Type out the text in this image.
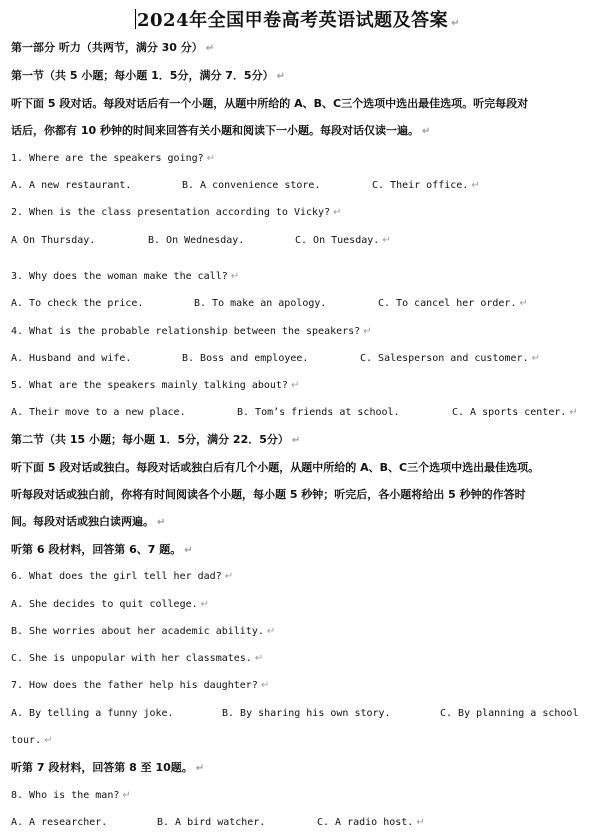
2024年全国甲卷高考英语试题及答案 ↵
第一部分 听力（共两节，满分 30 分） ↵
第一节（共 5 小题；每小题 1．5分，满分 7．5分） ↵
听下面 5 段对话。每段对话后有一个小题，从题中所给的 A、B、C三个选项中选出最佳选项。听完每段对
话后，你都有 10 秒钟的时间来回答有关小题和阅读下一小题。每段对话仅读一遍。 ↵
1. Where are the speakers going? ↵
A. A new restaurant.	B. A convenience store.	C. Their office. ↵
2. When is the class presentation according to Vicky? ↵
A On Thursday.	B. On Wednesday.	C. On Tuesday. ↵
3. Why does the woman make the call? ↵
A. To check the price.	B. To make an apology.	C. To cancel her order. ↵
4. What is the probable relationship between the speakers? ↵
A. Husband and wife.	B. Boss and employee.	C. Salesperson and customer. ↵
5. What are the speakers mainly talking about? ↵
A. Their move to a new place.	B. Tom’s friends at school.	C. A sports center. ↵
第二节（共 15 小题；每小题 1．5分，满分 22．5分） ↵
听下面 5 段对话或独白。每段对话或独白后有几个小题，从题中所给的 A、B、C三个选项中选出最佳选项。
听每段对话或独白前，你将有时间阅读各个小题，每小题 5 秒钟；听完后，各小题将给出 5 秒钟的作答时
间。每段对话或独白读两遍。 ↵
听第 6 段材料，回答第 6、7 题。 ↵
6. What does the girl tell her dad? ↵
A. She decides to quit college. ↵
B. She worries about her academic ability. ↵
C. She is unpopular with her classmates. ↵
7. How does the father help his daughter? ↵
A. By telling a funny joke.	B. By sharing his own story.	C. By planning a school
tour. ↵
听第 7 段材料，回答第 8 至 10题。 ↵
8. Who is the man? ↵
A. A researcher.	B. A bird watcher.	C. A radio host. ↵
